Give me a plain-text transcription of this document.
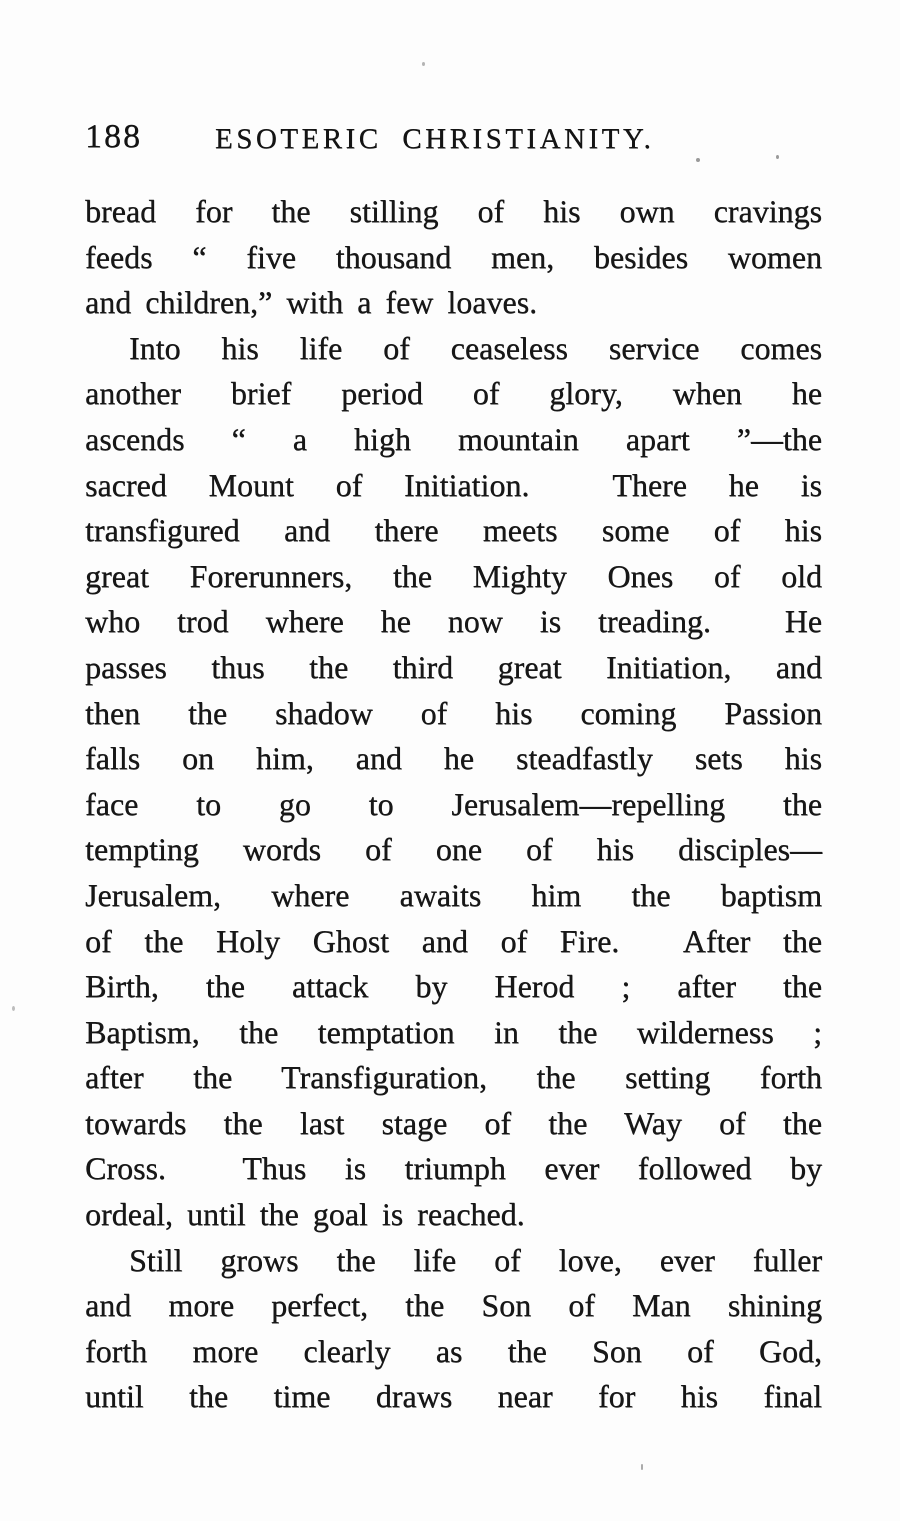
188	ESOTERIC CHRISTIANITY.
bread for the stilling of his own cravings
feeds “ five thousand men, besides women
and children,” with a few loaves.
Into his life of ceaseless service comes
another brief period of glory, when he
ascends “ a high mountain apart ”—the
sacred Mount of Initiation.  There he is
transfigured and there meets some of his
great Forerunners, the Mighty Ones of old
who trod where he now is treading.  He
passes thus the third great Initiation, and
then the shadow of his coming Passion
falls on him, and he steadfastly sets his
face to go to Jerusalem—repelling the
tempting words of one of his disciples—
Jerusalem, where awaits him the baptism
of the Holy Ghost and of Fire.  After the
Birth, the attack by Herod ; after the
Baptism, the temptation in the wilderness ;
after the Transfiguration, the setting forth
towards the last stage of the Way of the
Cross.  Thus is triumph ever followed by
ordeal, until the goal is reached.
Still grows the life of love, ever fuller
and more perfect, the Son of Man shining
forth more clearly as the Son of God,
until the time draws near for his final
